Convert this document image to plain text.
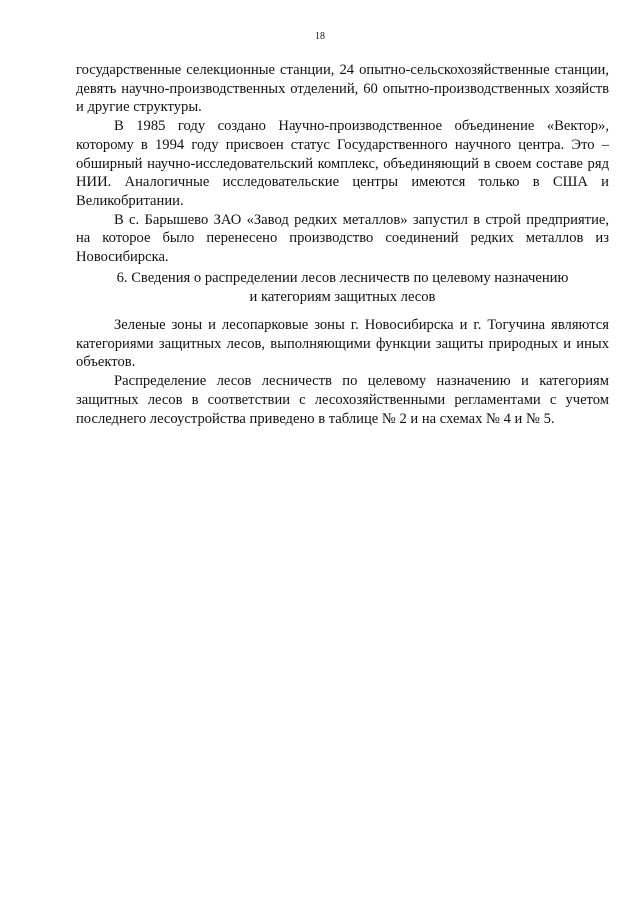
18

государственные селекционные станции, 24 опытно-сельскохозяйственные станции, девять научно-производственных отделений, 60 опытно-производственных хозяйств и другие структуры.

В 1985 году создано Научно-производственное объединение «Вектор», которому в 1994 году присвоен статус Государственного научного центра. Это – обширный научно-исследовательский комплекс, объединяющий в своем составе ряд НИИ. Аналогичные исследовательские центры имеются только в США и Великобритании.

В с. Барышево ЗАО «Завод редких металлов» запустил в строй предприятие, на которое было перенесено производство соединений редких металлов из Новосибирска.

6. Сведения о распределении лесов лесничеств по целевому назначению
и категориям защитных лесов

Зеленые зоны и лесопарковые зоны г. Новосибирска и г. Тогучина являются категориями защитных лесов, выполняющими функции защиты природных и иных объектов.

Распределение лесов лесничеств по целевому назначению и категориям защитных лесов в соответствии с лесохозяйственными регламентами с учетом последнего лесоустройства приведено в таблице № 2 и на схемах № 4 и № 5.
